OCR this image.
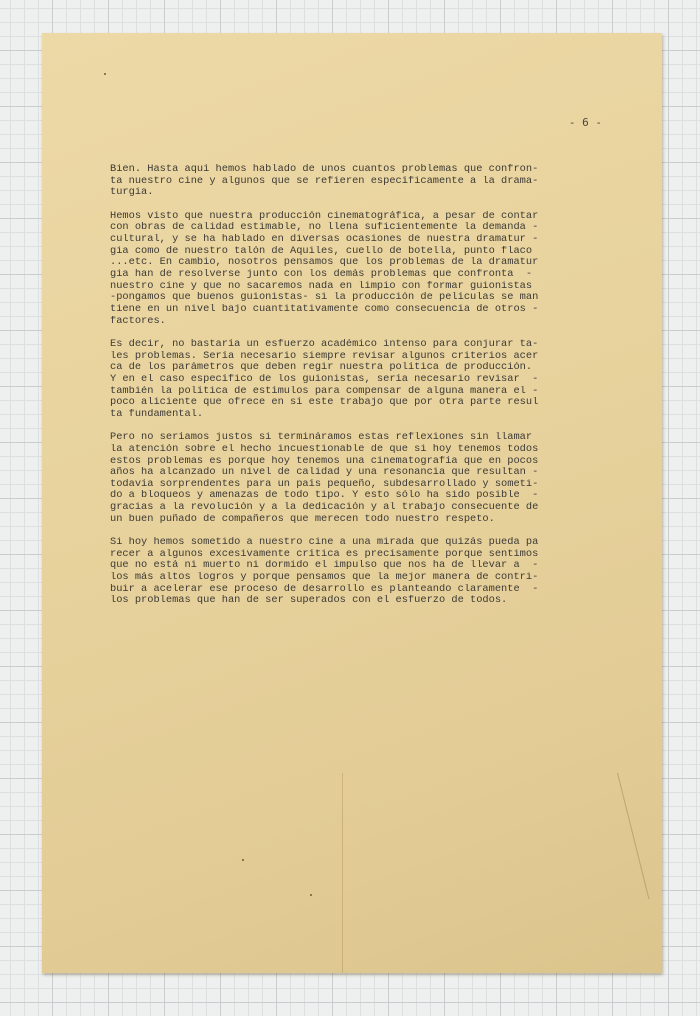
- 6 -
Bien. Hasta aquí hemos hablado de unos cuantos problemas que confron-
ta nuestro cine y algunos que se refieren específicamente a la drama-
turgia.
Hemos visto que nuestra producción cinematográfica, a pesar de contar
con obras de calidad estimable, no llena suficientemente la demanda -
cultural, y se ha hablado en diversas ocasiones de nuestra dramatur -
gia como de nuestro talón de Aquiles, cuello de botella, punto flaco
...etc. En cambio, nosotros pensamos que los problemas de la dramatur
gia han de resolverse junto con los demás problemas que confronta  -
nuestro cine y que no sacaremos nada en limpio con formar guionistas
-pongamos que buenos guionistas- si la producción de películas se man
tiene en un nivel bajo cuantitativamente como consecuencia de otros -
factores.
Es decir, no bastaría un esfuerzo académico intenso para conjurar ta-
les problemas. Sería necesario siempre revisar algunos criterios acer
ca de los parámetros que deben regir nuestra política de producción.
Y en el caso específico de los guionistas, sería necesario revisar  -
también la política de estímulos para compensar de alguna manera el -
poco aliciente que ofrece en sí este trabajo que por otra parte resul
ta fundamental.
Pero no seríamos justos si termináramos estas reflexiones sin llamar
la atención sobre el hecho incuestionable de que si hoy tenemos todos
estos problemas es porque hoy tenemos una cinematografía que en pocos
años ha alcanzado un nivel de calidad y una resonancia que resultan -
todavía sorprendentes para un país pequeño, subdesarrollado y someti-
do a bloqueos y amenazas de todo tipo. Y esto sólo ha sido posible  -
gracias a la revolución y a la dedicación y al trabajo consecuente de
un buen puñado de compañeros que merecen todo nuestro respeto.
Si hoy hemos sometido a nuestro cine a una mirada que quizás pueda pa
recer a algunos excesivamente crítica es precisamente porque sentimos
que no está ni muerto ni dormido el impulso que nos ha de llevar a  -
los más altos logros y porque pensamos que la mejor manera de contri-
buir a acelerar ese proceso de desarrollo es planteando claramente  -
los problemas que han de ser superados con el esfuerzo de todos.
